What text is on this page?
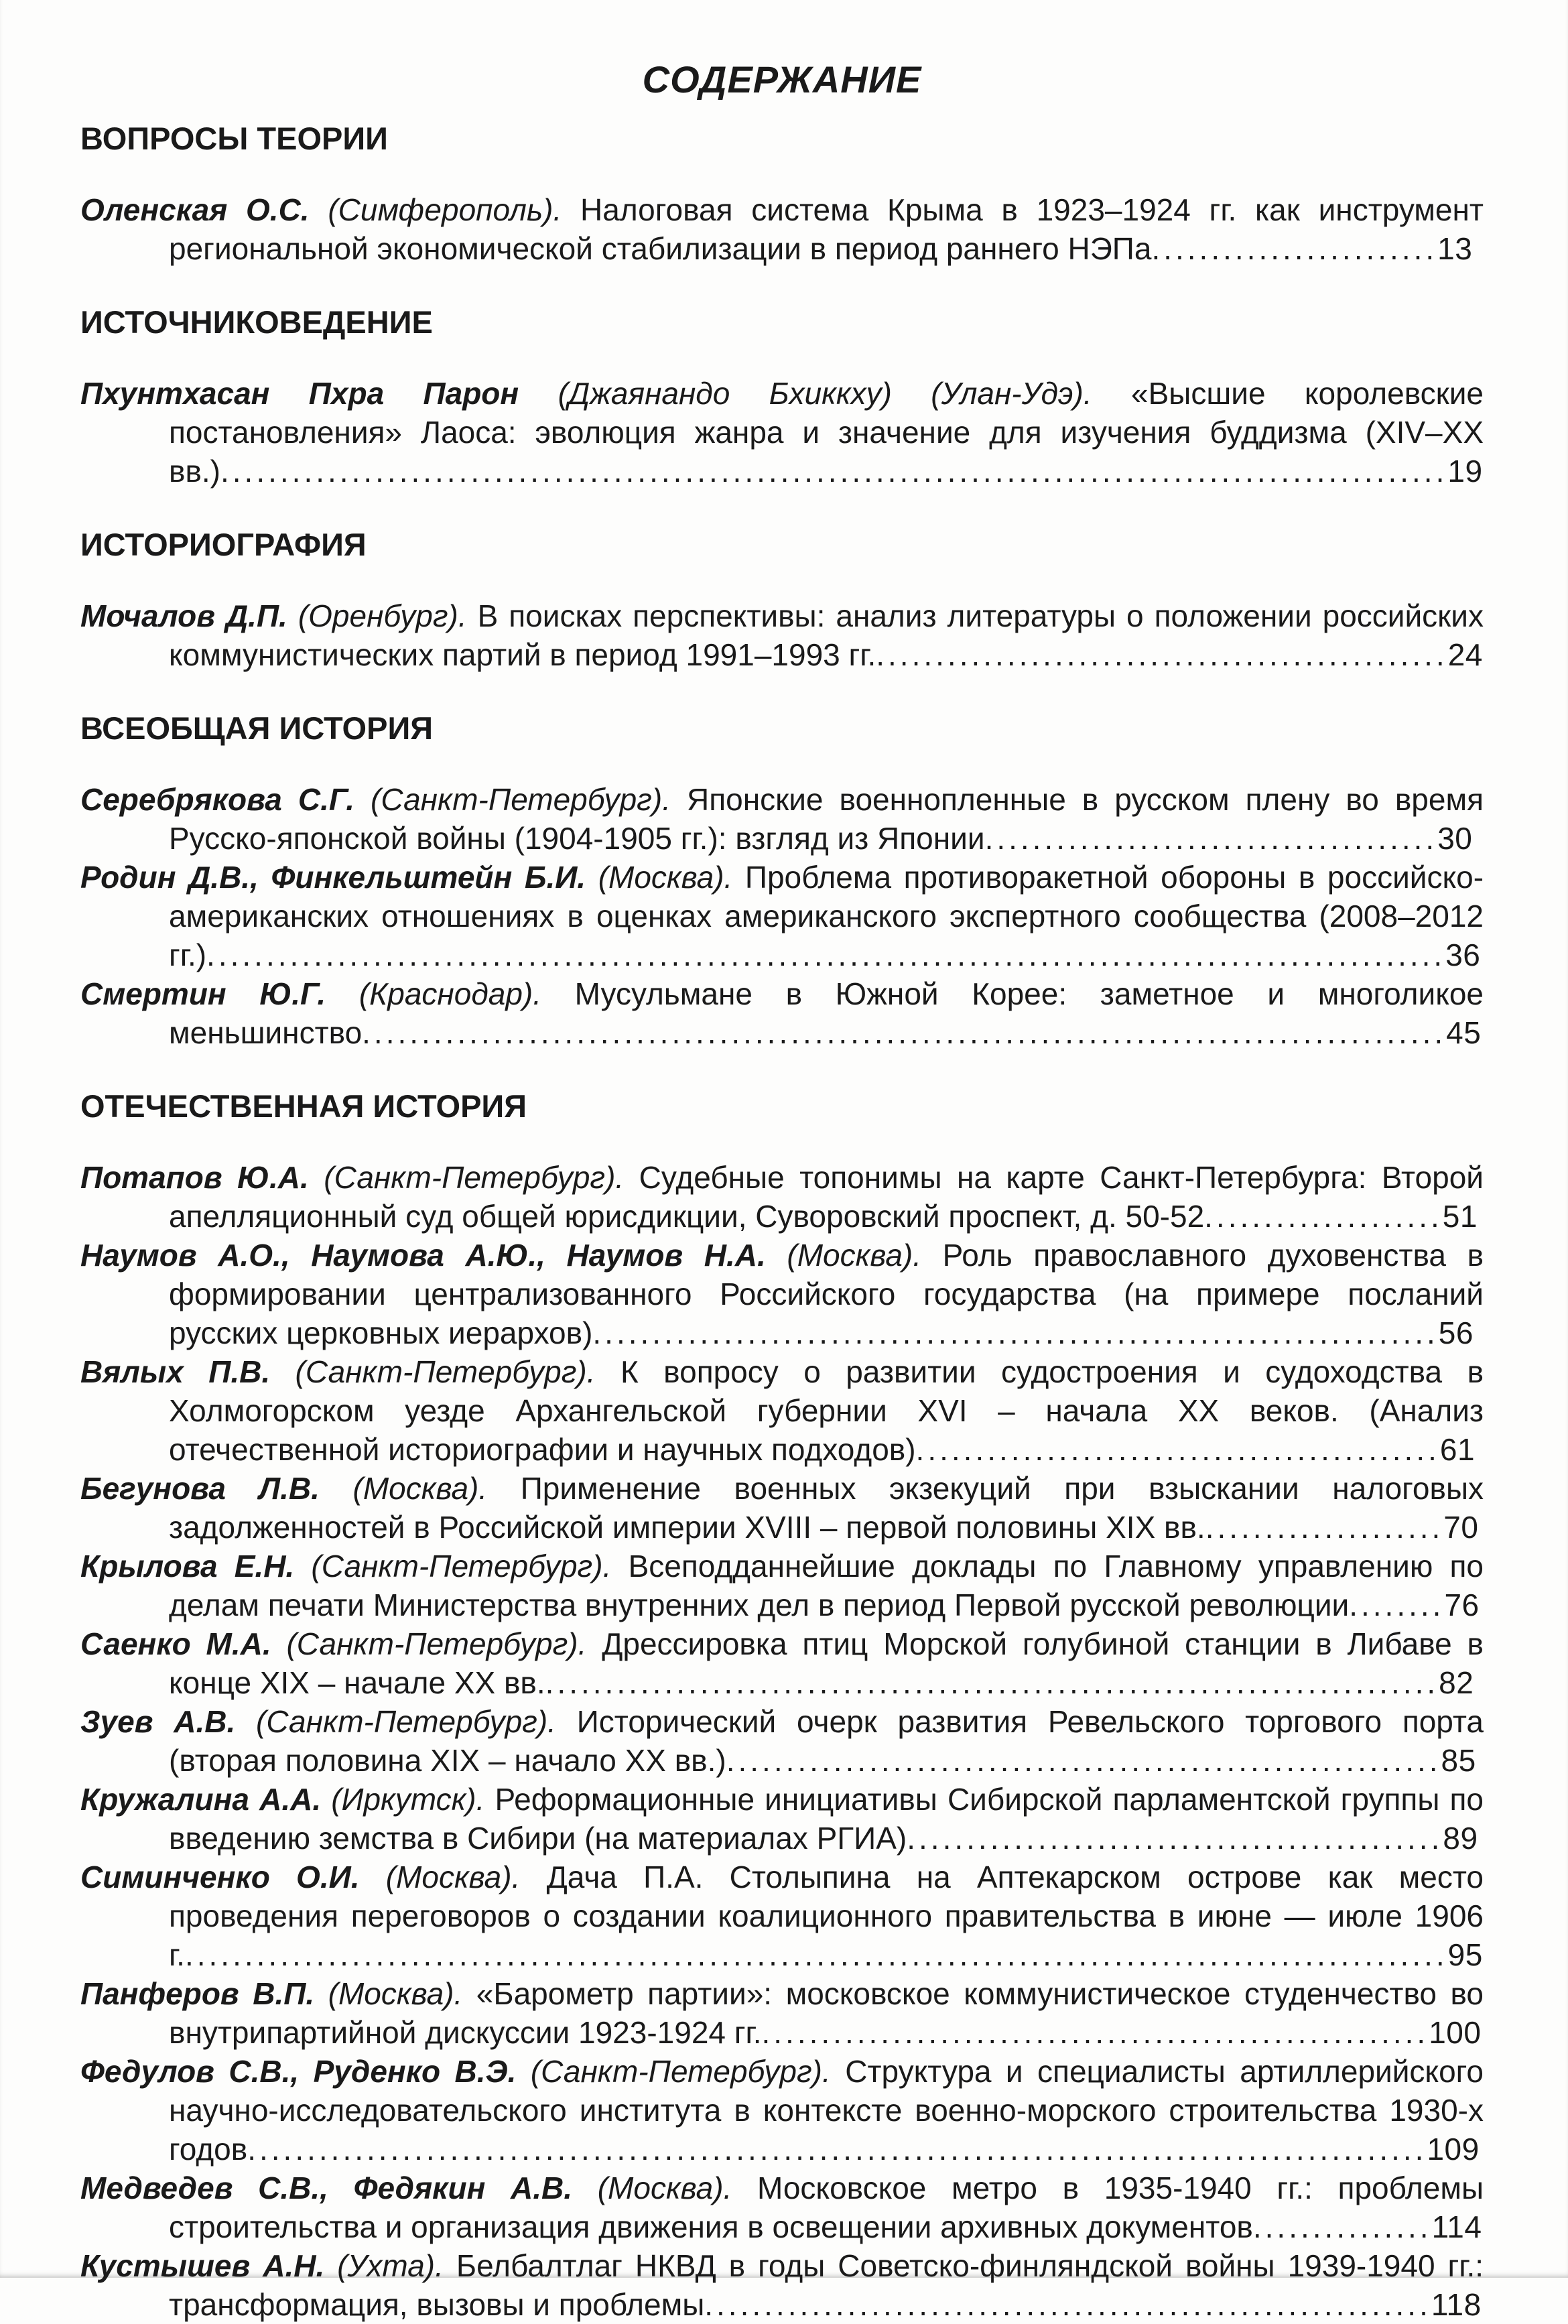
СОДЕРЖАНИЕ
ВОПРОСЫ ТЕОРИИ

Оленская О.С. (Симферополь). Налоговая система Крыма в 1923–1924 гг. как инструмент региональной экономической стабилизации в период раннего НЭПа........................13

ИСТОЧНИКОВЕДЕНИЕ

Пхунтхасан Пхра Парон (Джаянандо Бхиккху) (Улан-Удэ). «Высшие королевские постановления» Лаоса: эволюция жанра и значение для изучения буддизма (XIV–XX вв.).......................................................................................................19

ИСТОРИОГРАФИЯ

Мочалов Д.П. (Оренбург). В поисках перспективы: анализ литературы о положении российских коммунистических партий в период 1991–1993 гг.................................................24

ВСЕОБЩАЯ ИСТОРИЯ

Серебрякова С.Г. (Санкт-Петербург). Японские военнопленные в русском плену во время Русско-японской войны (1904-1905 гг.): взгляд из Японии......................................30

Родин Д.В., Финкельштейн Б.И. (Москва). Проблема противоракетной обороны в российско-американских отношениях в оценках американского экспертного сообщества (2008–2012 гг.)........................................................................................................36

Смертин Ю.Г. (Краснодар). Мусульмане в Южной Корее: заметное и многоликое меньшинство...........................................................................................45

ОТЕЧЕСТВЕННАЯ ИСТОРИЯ

Потапов Ю.А. (Санкт-Петербург). Судебные топонимы на карте Санкт-Петербурга: Второй апелляционный суд общей юрисдикции, Суворовский проспект, д. 50-52....................51

Наумов А.О., Наумова А.Ю., Наумов Н.А. (Москва). Роль православного духовенства в формировании централизованного Российского государства (на примере посланий русских церковных иерархов).......................................................................56

Вялых П.В. (Санкт-Петербург). К вопросу о развитии судостроения и судоходства в Холмогорском уезде Архангельской губернии XVI – начала XX веков. (Анализ отечественной историографии и научных подходов)............................................61

Бегунова Л.В. (Москва). Применение военных экзекуций при взыскании налоговых задолженностей в Российской империи XVIII – первой половины XIX вв.....................70

Крылова Е.Н. (Санкт-Петербург). Всеподданнейшие доклады по Главному управлению по делам печати Министерства внутренних дел в период Первой русской революции........76

Саенко М.А. (Санкт-Петербург). Дрессировка птиц Морской голубиной станции в Либаве в конце XIX – начале XX вв............................................................................82

Зуев А.В. (Санкт-Петербург). Исторический очерк развития Ревельского торгового порта (вторая половина XIX – начало XX вв.)............................................................85

Кружалина А.А. (Иркутск). Реформационные инициативы Сибирской парламентской группы по введению земства в Сибири (на материалах РГИА).............................................89

Симинченко О.И. (Москва). Дача П.А. Столыпина на Аптекарском острове как место проведения переговоров о создании коалиционного правительства в июне — июле 1906 г...........................................................................................................95

Панферов В.П. (Москва). «Барометр партии»: московское коммунистическое студенчество во внутрипартийной дискуссии 1923-1924 гг.........................................................100

Федулов С.В., Руденко В.Э. (Санкт-Петербург). Структура и специалисты артиллерийского научно-исследовательского института в контексте военно-морского строительства 1930-х годов...................................................................................................109

Медведев С.В., Федякин А.В. (Москва). Московское метро в 1935-1940 гг.: проблемы строительства и организация движения в освещении архивных документов...............114

Кустышев А.Н. (Ухта). Белбалтлаг НКВД в годы Советско-финляндской войны 1939-1940 гг.: трансформация, вызовы и проблемы.............................................................118
